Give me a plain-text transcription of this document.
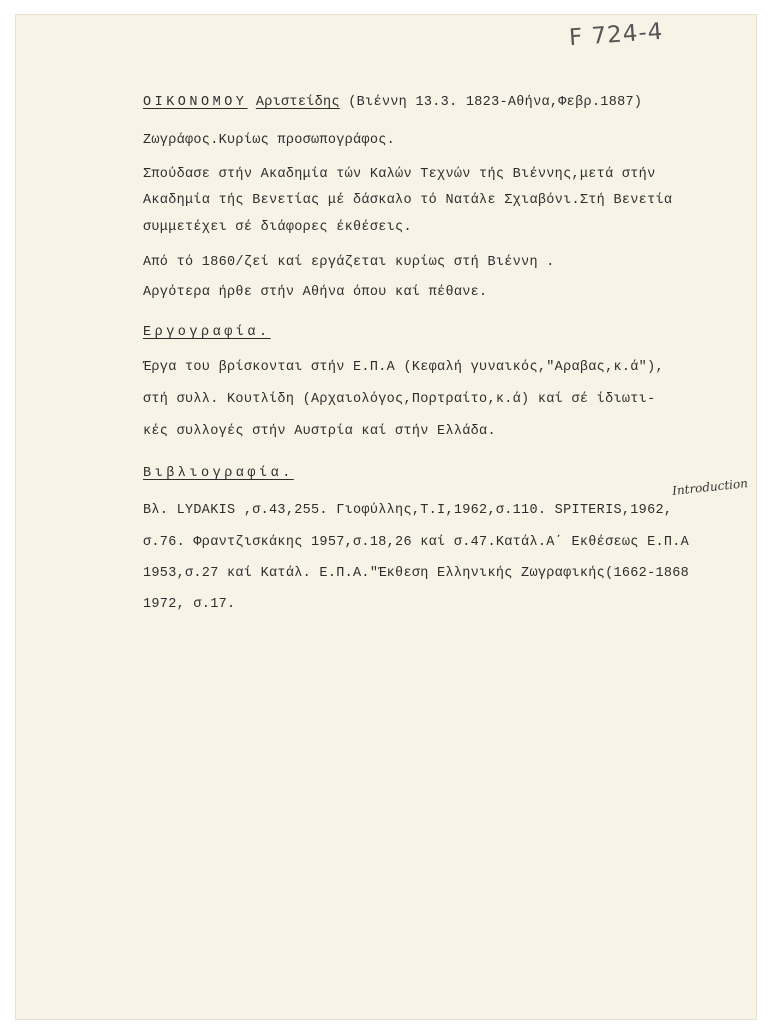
F 724-4
ΟΙΚΟΝΟΜΟΥ Αριστείδης (Βιέννη 13.3. 1823-Αθήνα,Φεβρ.1887)
Ζωγράφος.Κυρίως προσωπογράφος.
Σπούδασε στήν Ακαδημία τών Καλών Τεχνών τής Βιέννης,μετά στήν
Ακαδημία τής Βενετίας μέ δάσκαλο τό Νατάλε Σχιαβόνι.Στή Βενετία
συμμετέχει σέ διάφορες έκθέσεις.
Από τό 1860/ζεί καί εργάζεται κυρίως στή Βιέννη .
Αργότερα ήρθε στήν Αθήνα όπου καί πέθανε.
Εργογραφία.
Έργα του βρίσκονται στήν Ε.Π.Α (Κεφαλή γυναικός,"Αραβας,κ.ά"),
στή συλλ. Κουτλίδη (Αρχαιολόγος,Πορτραίτο,κ.ά) καί σέ ίδιωτι-
κές συλλογές στήν Αυστρία καί στήν Ελλάδα.
Βιβλιογραφία.
Introduction
Βλ. LYDAKIS ,σ.43,255. Γιοφύλλης,Τ.Ι,1962,σ.110. SPITERIS,1962,
σ.76. Φραντζισκάκης 1957,σ.18,26 καί σ.47.Κατάλ.Α΄ Εκθέσεως Ε.Π.Α
1953,σ.27 καί Κατάλ. Ε.Π.Α."Έκθεση Ελληνικής Ζωγραφικής(1662-1868
1972, σ.17.
